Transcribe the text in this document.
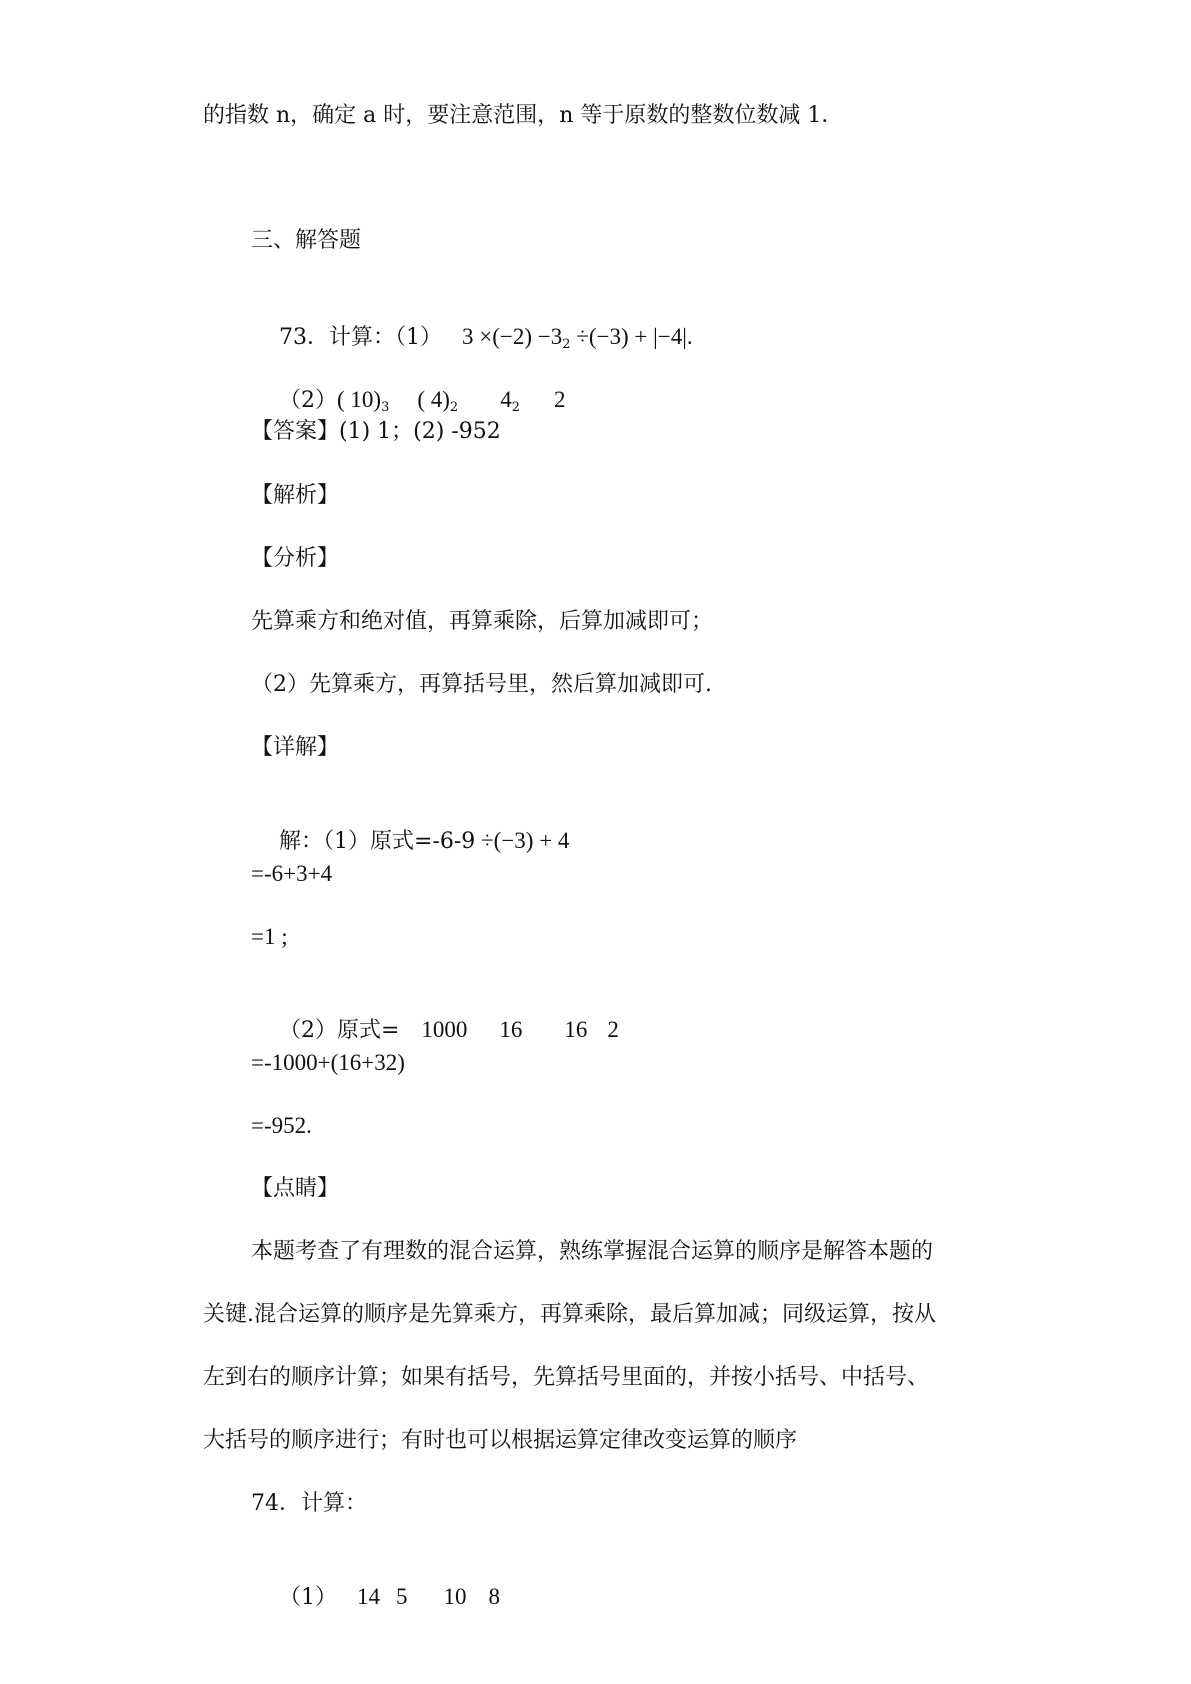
的指数 n，确定 a 时，要注意范围，n 等于原数的整数位数减 1．
三、解答题

73．计算：（1） 3 ×(−2) −32 ÷(−3) + |−4|.

（2）( 10)3 ( 4)2 42 2

【答案】(1) 1；(2) -952
【解析】
【分析】
先算乘方和绝对值，再算乘除，后算加减即可；
（2）先算乘方，再算括号里，然后算加减即可.
【详解】

解：（1）原式=-6-9 ÷(−3) + 4

=-6+3+4
=1 ;

（2）原式= 1000 16 16 2

=-1000+(16+32)
=-952.
【点睛】
本题考查了有理数的混合运算，熟练掌握混合运算的顺序是解答本题的
关键.混合运算的顺序是先算乘方，再算乘除，最后算加减；同级运算，按从
左到右的顺序计算；如果有括号，先算括号里面的，并按小括号、中括号、
大括号的顺序进行；有时也可以根据运算定律改变运算的顺序
74．计算：

（1） 14 5 10 8
